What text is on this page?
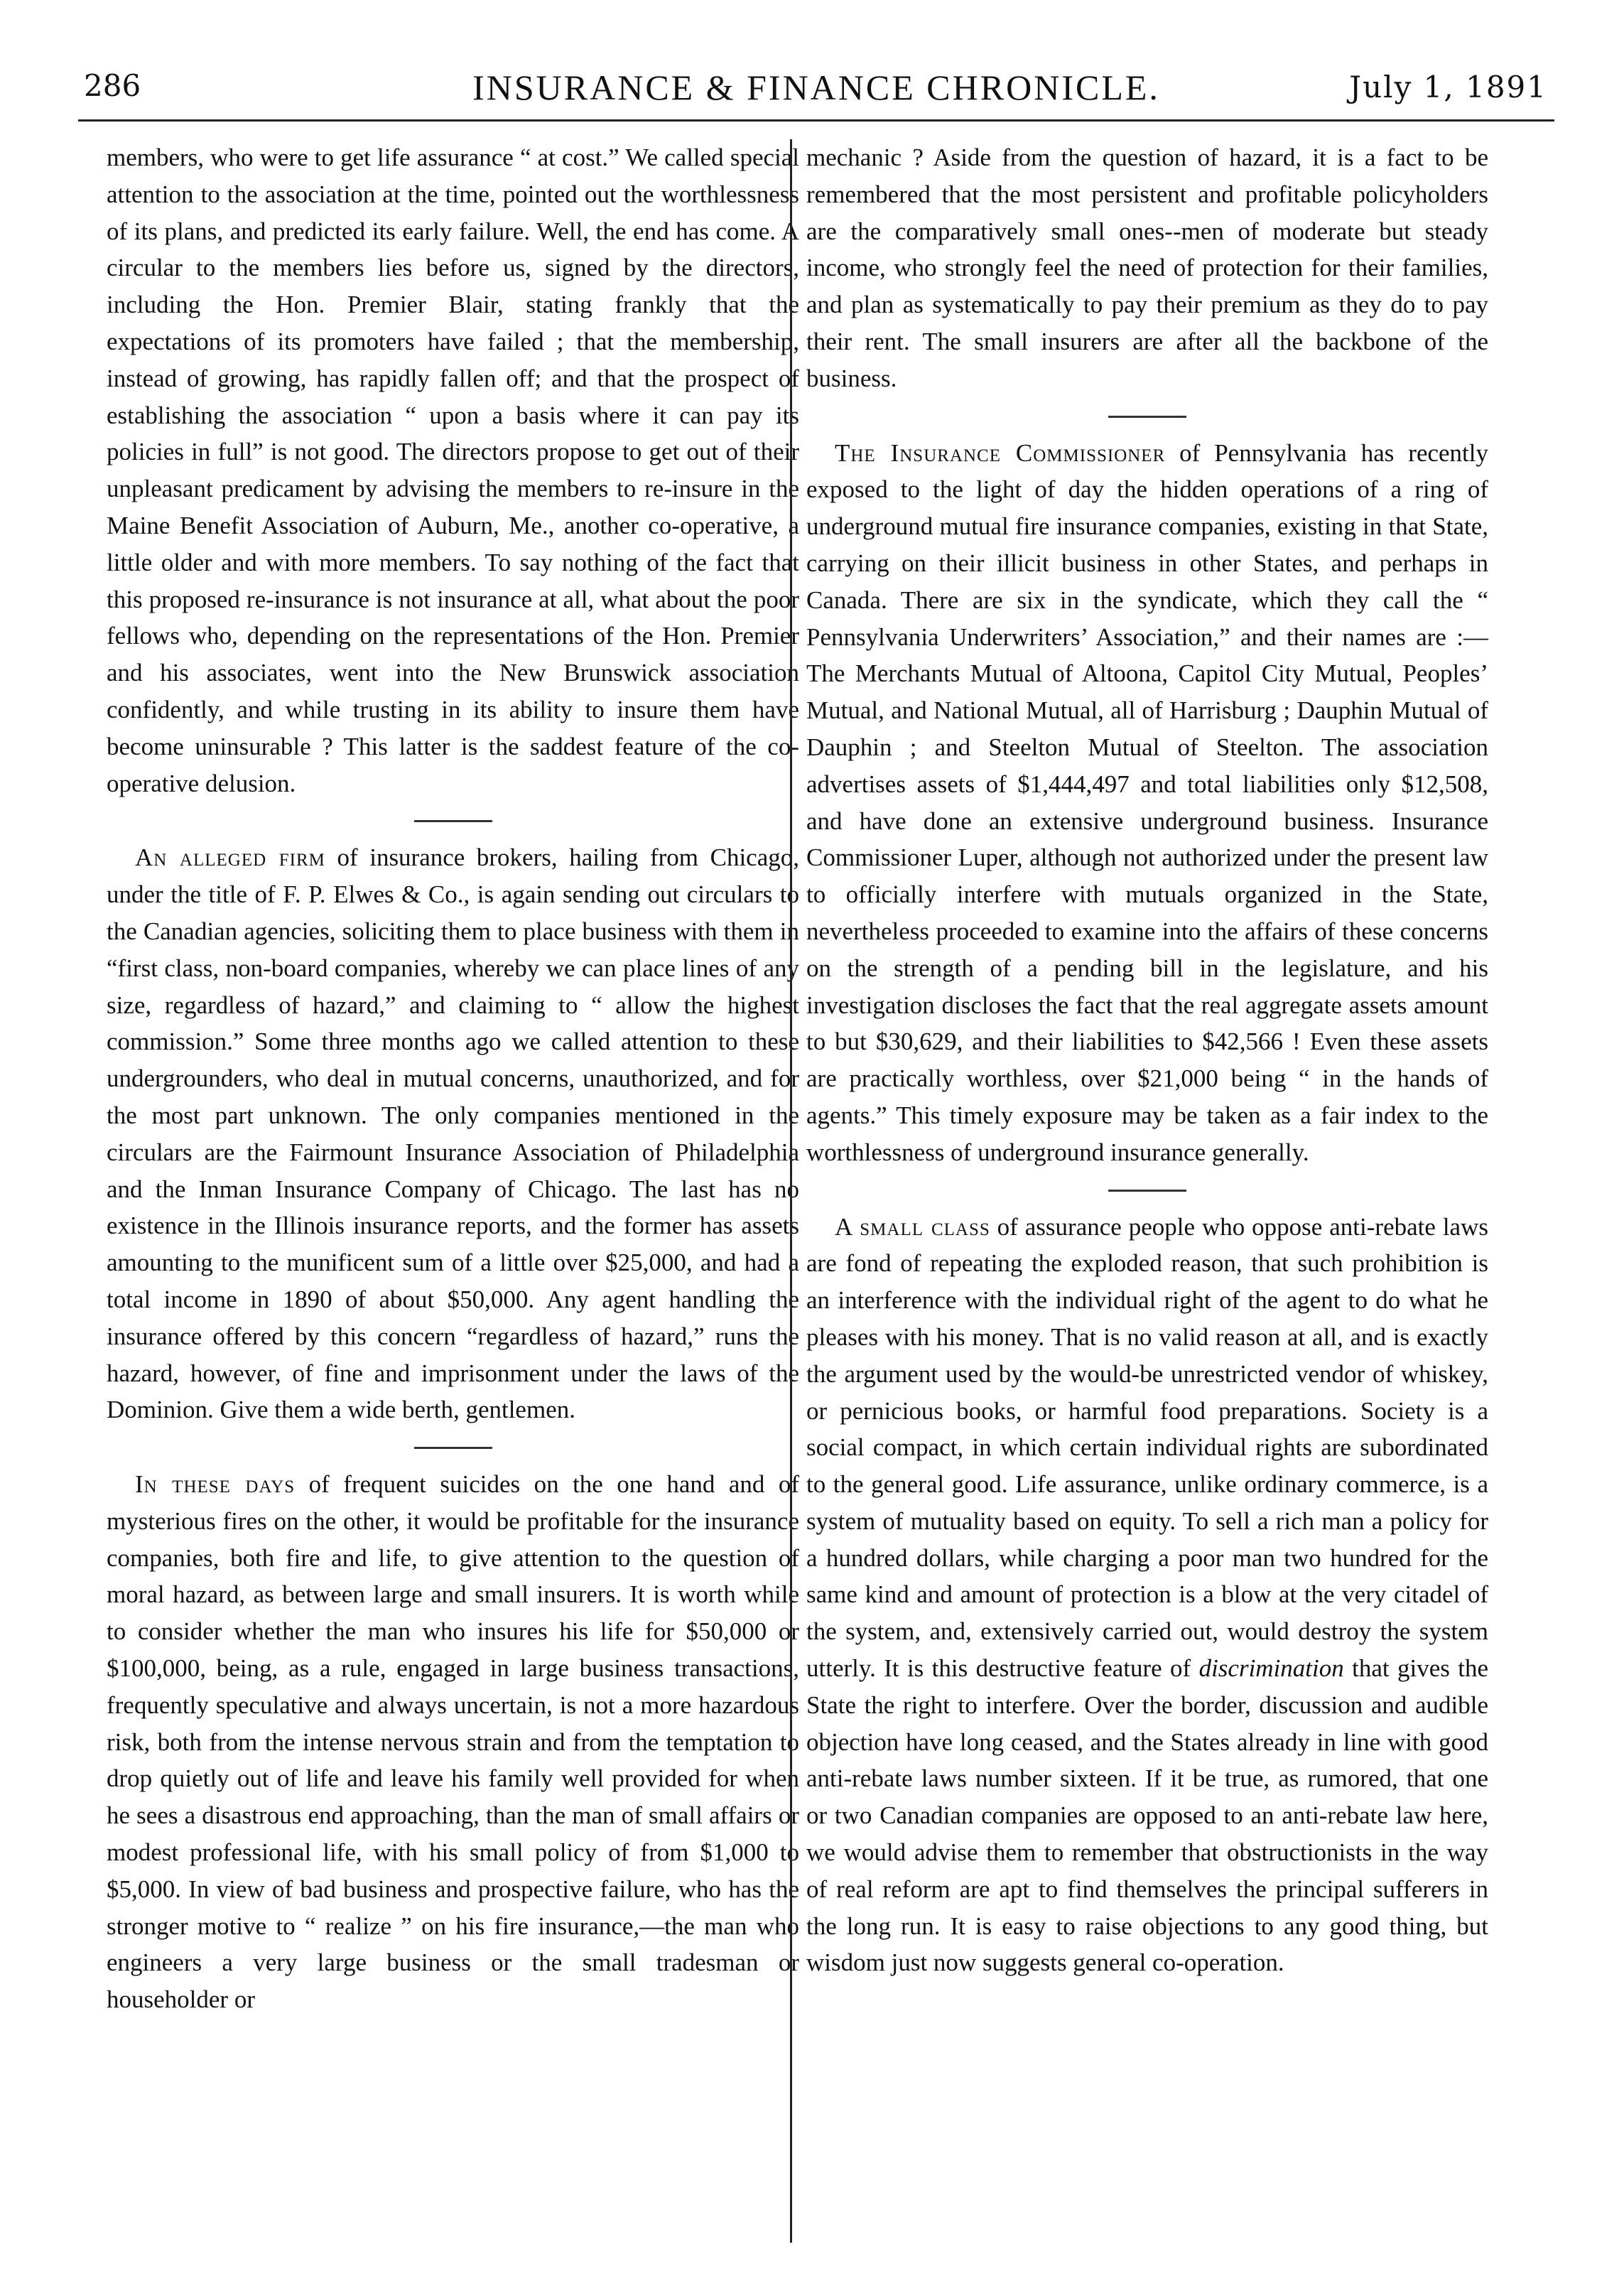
286	INSURANCE & FINANCE CHRONICLE.	July 1, 1891

members, who were to get life assurance “ at cost.” We called special attention to the association at the time, pointed out the worthlessness of its plans, and predicted its early failure. Well, the end has come. A circular to the members lies before us, signed by the directors, including the Hon. Premier Blair, stating frankly that the expectations of its promoters have failed ; that the membership, instead of growing, has rapidly fallen off; and that the prospect of establishing the association “ upon a basis where it can pay its policies in full” is not good. The directors propose to get out of their unpleasant predicament by advising the members to re-insure in the Maine Benefit Association of Auburn, Me., another co-operative, a little older and with more members. To say nothing of the fact that this proposed re-insurance is not insurance at all, what about the poor fellows who, depending on the representations of the Hon. Premier and his associates, went into the New Brunswick association confidently, and while trusting in its ability to insure them have become uninsurable ? This latter is the saddest feature of the co-operative delusion.

An alleged firm of insurance brokers, hailing from Chicago, under the title of F. P. Elwes & Co., is again sending out circulars to the Canadian agencies, soliciting them to place business with them in “first class, non-board companies, whereby we can place lines of any size, regardless of hazard,” and claiming to “ allow the highest commission.” Some three months ago we called attention to these undergrounders, who deal in mutual concerns, unauthorized, and for the most part unknown. The only companies mentioned in the circulars are the Fairmount Insurance Association of Philadelphia and the Inman Insurance Company of Chicago. The last has no existence in the Illinois insurance reports, and the former has assets amounting to the munificent sum of a little over $25,000, and had a total income in 1890 of about $50,000. Any agent handling the insurance offered by this concern “regardless of hazard,” runs the hazard, however, of fine and imprisonment under the laws of the Dominion. Give them a wide berth, gentlemen.

In these days of frequent suicides on the one hand and of mysterious fires on the other, it would be profitable for the insurance companies, both fire and life, to give attention to the question of moral hazard, as between large and small insurers. It is worth while to consider whether the man who insures his life for $50,000 or $100,000, being, as a rule, engaged in large business transactions, frequently speculative and always uncertain, is not a more hazardous risk, both from the intense nervous strain and from the temptation to drop quietly out of life and leave his family well provided for when he sees a disastrous end approaching, than the man of small affairs or modest professional life, with his small policy of from $1,000 to $5,000. In view of bad business and prospective failure, who has the stronger motive to “ realize ” on his fire insurance,—the man who engineers a very large business or the small tradesman or householder or

mechanic ? Aside from the question of hazard, it is a fact to be remembered that the most persistent and profitable policyholders are the comparatively small ones--men of moderate but steady income, who strongly feel the need of protection for their families, and plan as systematically to pay their premium as they do to pay their rent. The small insurers are after all the backbone of the business.

The Insurance Commissioner of Pennsylvania has recently exposed to the light of day the hidden operations of a ring of underground mutual fire insurance companies, existing in that State, carrying on their illicit business in other States, and perhaps in Canada. There are six in the syndicate, which they call the “ Pennsylvania Underwriters’ Association,” and their names are :—The Merchants Mutual of Altoona, Capitol City Mutual, Peoples’ Mutual, and National Mutual, all of Harrisburg ; Dauphin Mutual of Dauphin ; and Steelton Mutual of Steelton. The association advertises assets of $1,444,497 and total liabilities only $12,508, and have done an extensive underground business. Insurance Commissioner Luper, although not authorized under the present law to officially interfere with mutuals organized in the State, nevertheless proceeded to examine into the affairs of these concerns on the strength of a pending bill in the legislature, and his investigation discloses the fact that the real aggregate assets amount to but $30,629, and their liabilities to $42,566 ! Even these assets are practically worthless, over $21,000 being “ in the hands of agents.” This timely exposure may be taken as a fair index to the worthlessness of underground insurance generally.

A small class of assurance people who oppose anti-rebate laws are fond of repeating the exploded reason, that such prohibition is an interference with the individual right of the agent to do what he pleases with his money. That is no valid reason at all, and is exactly the argument used by the would-be unrestricted vendor of whiskey, or pernicious books, or harmful food preparations. Society is a social compact, in which certain individual rights are subordinated to the general good. Life assurance, unlike ordinary commerce, is a system of mutuality based on equity. To sell a rich man a policy for a hundred dollars, while charging a poor man two hundred for the same kind and amount of protection is a blow at the very citadel of the system, and, extensively carried out, would destroy the system utterly. It is this destructive feature of discrimination that gives the State the right to interfere. Over the border, discussion and audible objection have long ceased, and the States already in line with good anti-rebate laws number sixteen. If it be true, as rumored, that one or two Canadian companies are opposed to an anti-rebate law here, we would advise them to remember that obstructionists in the way of real reform are apt to find themselves the principal sufferers in the long run. It is easy to raise objections to any good thing, but wisdom just now suggests general co-operation.
